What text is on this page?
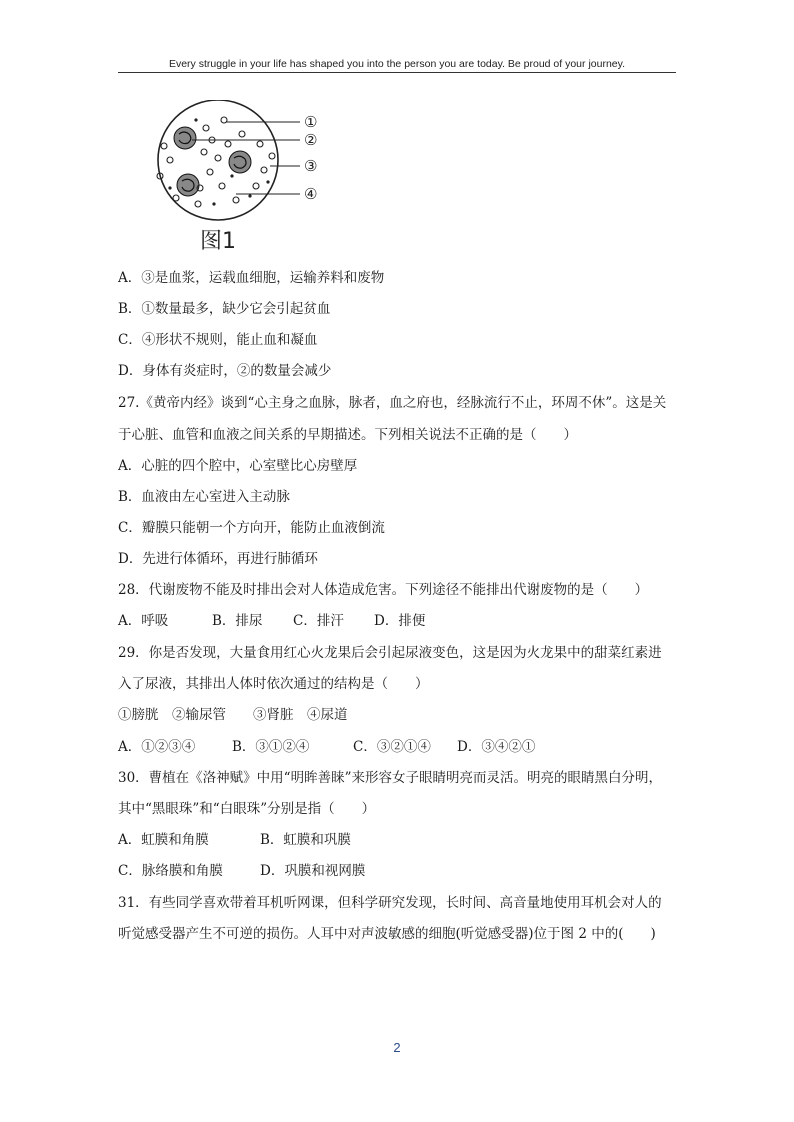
Every struggle in your life has shaped you into the person you are today. Be proud of your journey.
①
②
③
④
图1
A．③是血浆，运载血细胞，运输养料和废物
B．①数量最多，缺少它会引起贫血
C．④形状不规则，能止血和凝血
D．身体有炎症时，②的数量会减少
27.《黄帝内经》谈到“心主身之血脉，脉者，血之府也，经脉流行不止，环周不休”。这是关
于心脏、血管和血液之间关系的早期描述。下列相关说法不正确的是（　　）
A．心脏的四个腔中，心室壁比心房壁厚
B．血液由左心室进入主动脉
C．瓣膜只能朝一个方向开，能防止血液倒流
D．先进行体循环，再进行肺循环
28．代谢废物不能及时排出会对人体造成危害。下列途径不能排出代谢废物的是（　　）
A．呼吸	B．排尿 C．排汗 D．排便
29．你是否发现，大量食用红心火龙果后会引起尿液变色，这是因为火龙果中的甜菜红素进
入了尿液，其排出人体时依次通过的结构是（　　）
①膀胱　②输尿管　　③肾脏　④尿道
A．①②③④	B．③①②④	C．③②①④ D．③④②①
30．曹植在《洛神赋》中用“明眸善睐”来形容女子眼睛明亮而灵活。明亮的眼睛黑白分明，
其中“黑眼珠”和“白眼珠”分别是指（　　）
A．虹膜和角膜	B．虹膜和巩膜
C．脉络膜和角膜	D．巩膜和视网膜
31．有些同学喜欢带着耳机听网课，但科学研究发现，长时间、高音量地使用耳机会对人的
听觉感受器产生不可逆的损伤。人耳中对声波敏感的细胞(听觉感受器)位于图 2 中的(　　)
2
